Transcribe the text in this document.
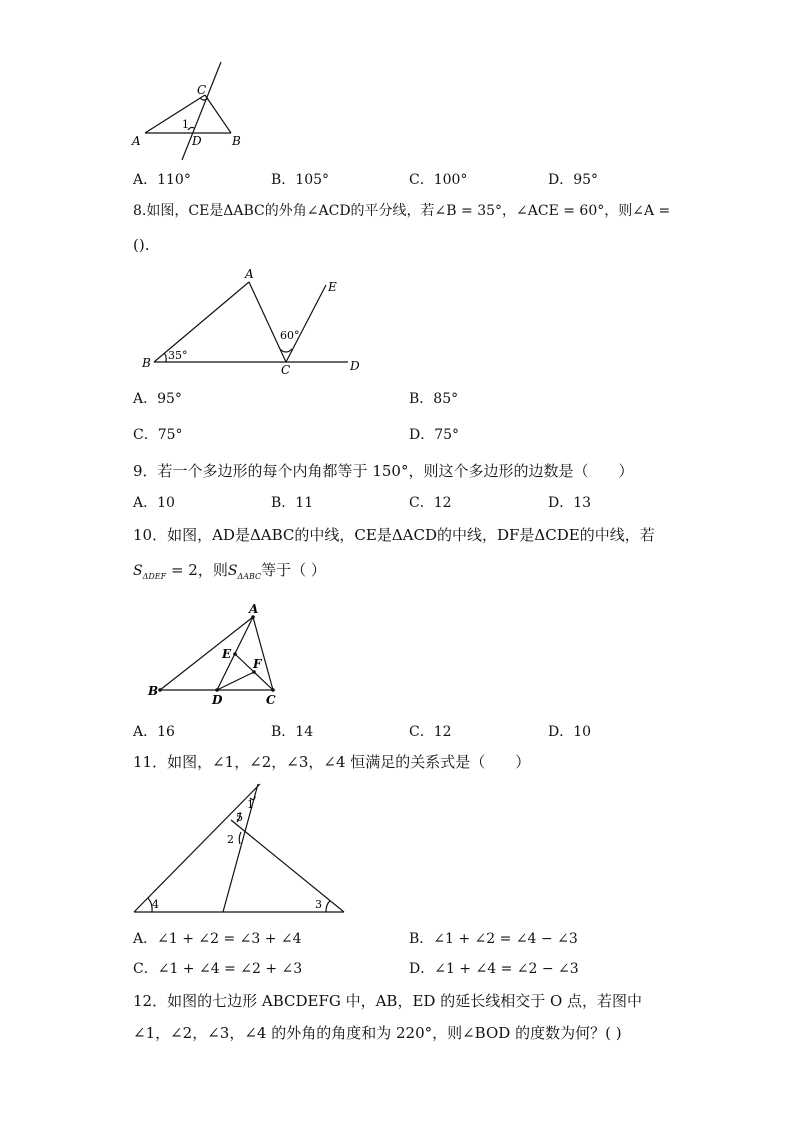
A	B
C
D
1
A．110°	B．105°	C．100°	D．95°
8.如图，CE是ΔABC的外角∠ACD的平分线，若∠B = 35°，∠ACE = 60°，则∠A =
().
A
B	C	D
E
35°
60°
A．95°	B．85°
C．75°	D．75°
9．若一个多边形的每个内角都等于 150°，则这个多边形的边数是（　　）
A．10	B．11	C．12	D．13
10．如图，AD是ΔABC的中线，CE是ΔACD的中线，DF是ΔCDE的中线，若
$S_{\Delta DEF} = 2$，则$S_{\Delta ABC}$等于（ ）
A
B
C
D
E
F
A．16	B．14	C．12	D．10
11．如图，∠1，∠2，∠3，∠4 恒满足的关系式是（　　）
4	3
1
5
2
A．∠1 + ∠2 = ∠3 + ∠4	B．∠1 + ∠2 = ∠4 − ∠3
C．∠1 + ∠4 = ∠2 + ∠3	D．∠1 + ∠4 = ∠2 − ∠3
12．如图的七边形 ABCDEFG 中，AB，ED 的延长线相交于 O 点，若图中
∠1，∠2，∠3，∠4 的外角的角度和为 220°，则∠BOD 的度数为何？( )
